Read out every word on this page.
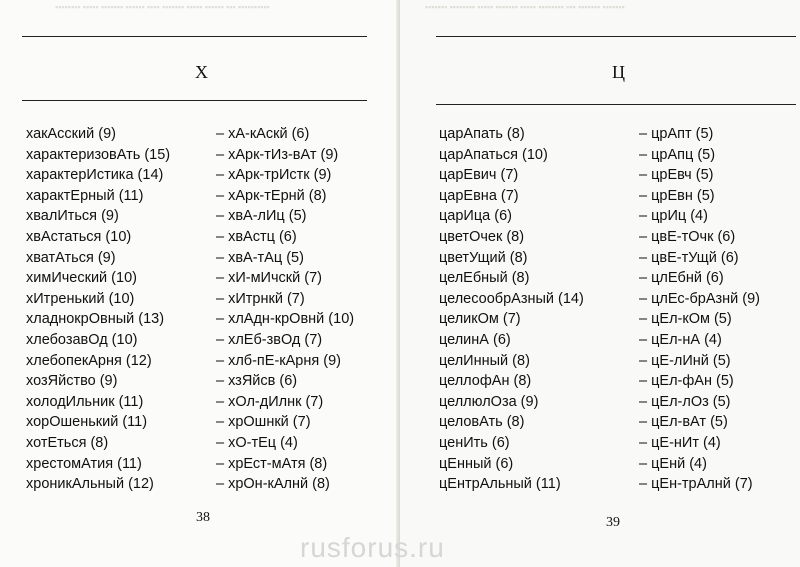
▪▪▪▪▪▪▪▪ ▪▪▪▪▪ ▪▪▪▪▪▪▪ ▪▪▪▪▪▪ ▪▪▪▪ ▪▪▪▪▪▪▪ ▪▪▪▪▪ ▪▪▪▪▪▪ ▪▪▪ ▪▪▪▪▪▪▪▪▪▪
Х
хакАсский (9)	– хА-кАскй (6)
характеризовАть (15)	– хАрк-тИз-вАт (9)
характерИстика (14)	– хАрк-трИстк (9)
характЕрный (11)	– хАрк-тЕрнй (8)
хвалИться (9)	– хвА-лИц (5)
хвАстаться (10)	– хвАстц (6)
хватАться (9)	– хвА-тАц (5)
химИческий (10)	– хИ-мИчскй (7)
хИтренький (10)	– хИтрнкй (7)
хладнокрОвный (13)	– хлАдн-крОвнй (10)
хлебозавОд (10)	– хлЕб-звОд (7)
хлебопекАрня (12)	– хлб-пЕ-кАрня (9)
хозЯйство (9)	– хзЯйсв (6)
холодИльник (11)	– хОл-дИлнк (7)
хорОшенький (11)	– хрОшнкй (7)
хотЕться (8)	– хО-тЕц (4)
хрестомАтия (11)	– хрЕст-мАтя (8)
хроникАльный (12)	– хрОн-кАлнй (8)
38
▪▪▪▪▪▪▪ ▪▪▪▪▪▪▪▪ ▪▪▪▪▪ ▪▪▪▪▪▪▪ ▪▪▪▪▪ ▪▪▪▪▪▪▪▪ ▪▪▪ ▪▪▪▪▪▪▪ ▪▪▪▪▪▪▪
Ц
царАпать (8)	– црАпт (5)
царАпаться (10)	– црАпц (5)
царЕвич (7)	– црЕвч (5)
царЕвна (7)	– црЕвн (5)
царИца (6)	– црИц (4)
цветОчек (8)	– цвЕ-тОчк (6)
цветУщий (8)	– цвЕ-тУщй (6)
целЕбный (8)	– цлЕбнй (6)
целесообрАзный (14)	– цлЕс-брАзнй (9)
целикОм (7)	– цЕл-кОм (5)
целинА (6)	– цЕл-нА (4)
целИнный (8)	– цЕ-лИнй (5)
целлофАн (8)	– цЕл-фАн (5)
целлюлОза (9)	– цЕл-лОз (5)
целовАть (8)	– цЕл-вАт (5)
ценИть (6)	– цЕ-нИт (4)
цЕнный (6)	– цЕнй (4)
цЕнтрАльный (11)	– цЕн-трАлнй (7)
39
rusforus.ru
